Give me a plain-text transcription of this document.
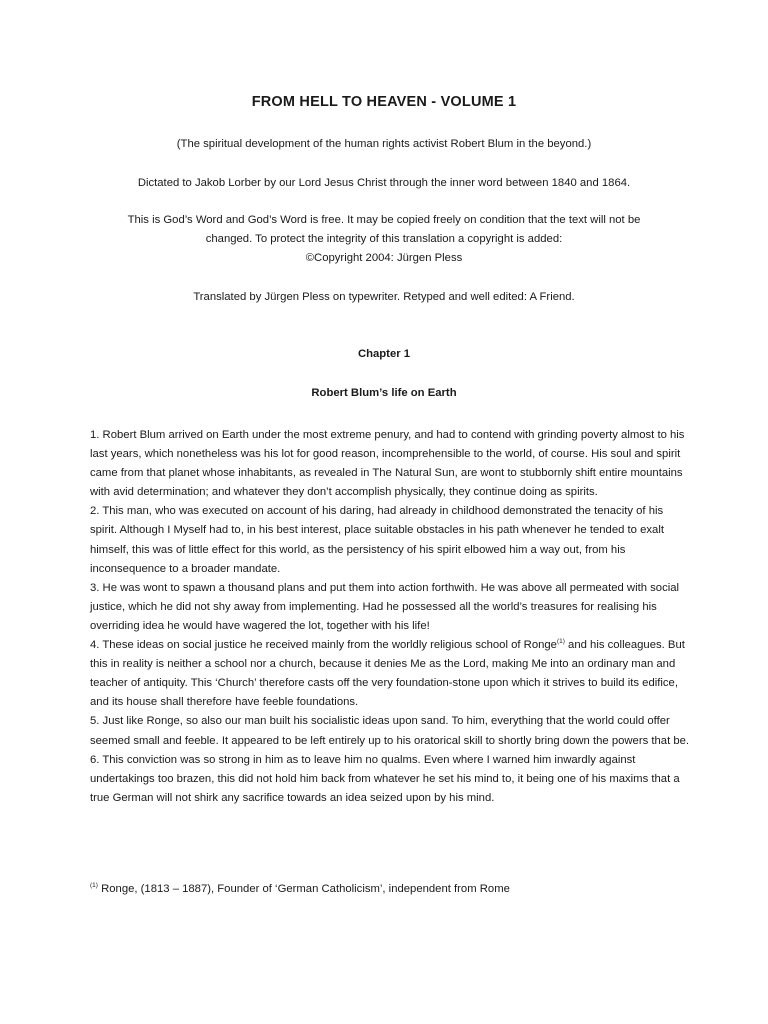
FROM HELL TO HEAVEN - VOLUME 1
(The spiritual development of the human rights activist Robert Blum in the beyond.)
Dictated to Jakob Lorber by our Lord Jesus Christ through the inner word between 1840 and 1864.
This is God’s Word and God’s Word is free. It may be copied freely on condition that the text will not be
changed. To protect the integrity of this translation a copyright is added:
©Copyright 2004: Jürgen Pless
Translated by Jürgen Pless on typewriter. Retyped and well edited: A Friend.
Chapter 1
Robert Blum’s life on Earth

1. Robert Blum arrived on Earth under the most extreme penury, and had to contend with grinding poverty almost to his last years, which nonetheless was his lot for good reason, incomprehensible to the world, of course. His soul and spirit came from that planet whose inhabitants, as revealed in The Natural Sun, are wont to stubbornly shift entire mountains with avid determination; and whatever they don’t accomplish physically, they continue doing as spirits.

2. This man, who was executed on account of his daring, had already in childhood demonstrated the tenacity of his spirit. Although I Myself had to, in his best interest, place suitable obstacles in his path whenever he tended to exalt himself, this was of little effect for this world, as the persistency of his spirit elbowed him a way out, from his inconsequence to a broader mandate.

3. He was wont to spawn a thousand plans and put them into action forthwith. He was above all permeated with social justice, which he did not shy away from implementing. Had he possessed all the world’s treasures for realising his overriding idea he would have wagered the lot, together with his life!

4. These ideas on social justice he received mainly from the worldly religious school of Ronge$^{(1)}$ and his colleagues. But this in reality is neither a school nor a church, because it denies Me as the Lord, making Me into an ordinary man and teacher of antiquity. This ‘Church’ therefore casts off the very foundation-stone upon which it strives to build its edifice, and its house shall therefore have feeble foundations.

5. Just like Ronge, so also our man built his socialistic ideas upon sand. To him, everything that the world could offer seemed small and feeble. It appeared to be left entirely up to his oratorical skill to shortly bring down the powers that be.

6. This conviction was so strong in him as to leave him no qualms. Even where I warned him inwardly against undertakings too brazen, this did not hold him back from whatever he set his mind to, it being one of his maxims that a true German will not shirk any sacrifice towards an idea seized upon by his mind.

$^{(1)}$ Ronge, (1813 – 1887), Founder of ‘German Catholicism’, independent from Rome
